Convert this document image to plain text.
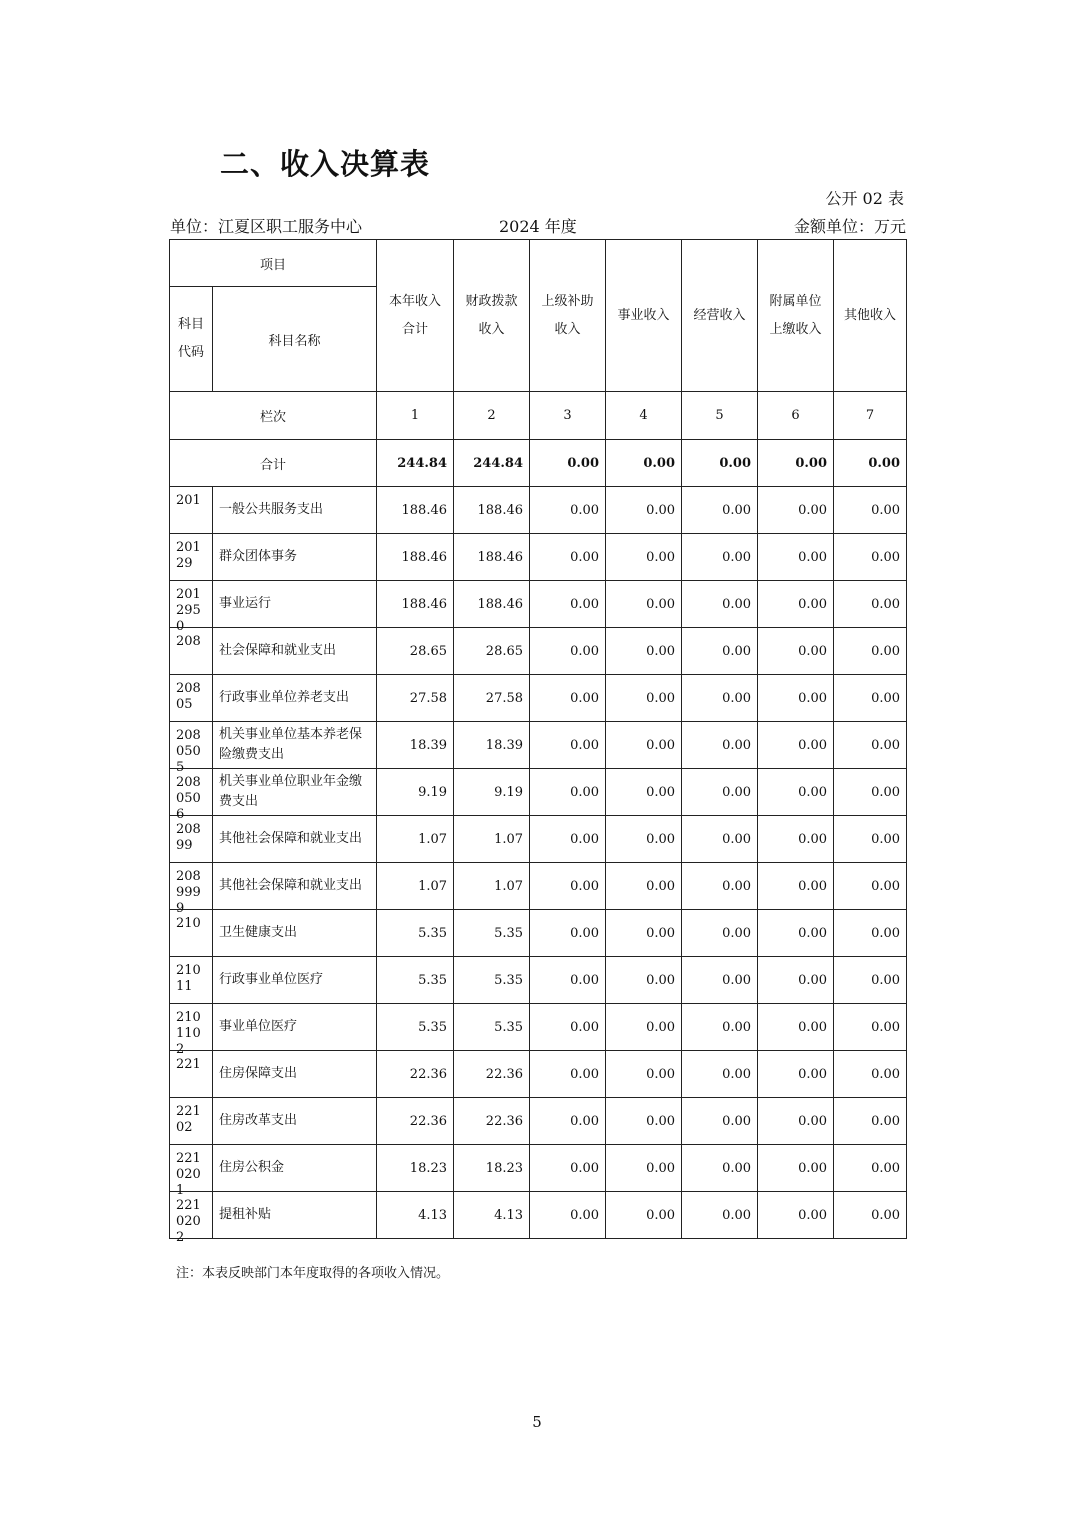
二、收入决算表
公开 02 表
单位：江夏区职工服务中心	2024 年度	金额单位：万元
项目		本年收入合计	财政拨款收入	上级补助收入	事业收入	经营收入	附属单位上缴收入	其他收入
科目代码	科目名称							
栏次		1	2	3	4	5	6	7
合计		244.84	244.84	0.00	0.00	0.00	0.00	0.00

201	一般公共服务支出	188.46	188.46	0.00	0.00	0.00	0.00	0.00

20129	群众团体事务	188.46	188.46	0.00	0.00	0.00	0.00	0.00

2012950	事业运行	188.46	188.46	0.00	0.00	0.00	0.00	0.00

208	社会保障和就业支出	28.65	28.65	0.00	0.00	0.00	0.00	0.00

20805	行政事业单位养老支出	27.58	27.58	0.00	0.00	0.00	0.00	0.00

2080505	机关事业单位基本养老保险缴费支出	18.39	18.39	0.00	0.00	0.00	0.00	0.00

2080506	机关事业单位职业年金缴费支出	9.19	9.19	0.00	0.00	0.00	0.00	0.00

20899	其他社会保障和就业支出	1.07	1.07	0.00	0.00	0.00	0.00	0.00

2089999	其他社会保障和就业支出	1.07	1.07	0.00	0.00	0.00	0.00	0.00

210	卫生健康支出	5.35	5.35	0.00	0.00	0.00	0.00	0.00

21011	行政事业单位医疗	5.35	5.35	0.00	0.00	0.00	0.00	0.00

2101102	事业单位医疗	5.35	5.35	0.00	0.00	0.00	0.00	0.00

221	住房保障支出	22.36	22.36	0.00	0.00	0.00	0.00	0.00

22102	住房改革支出	22.36	22.36	0.00	0.00	0.00	0.00	0.00

2210201	住房公积金	18.23	18.23	0.00	0.00	0.00	0.00	0.00

2210202	提租补贴	4.13	4.13	0.00	0.00	0.00	0.00	0.00
注：本表反映部门本年度取得的各项收入情况。
5
